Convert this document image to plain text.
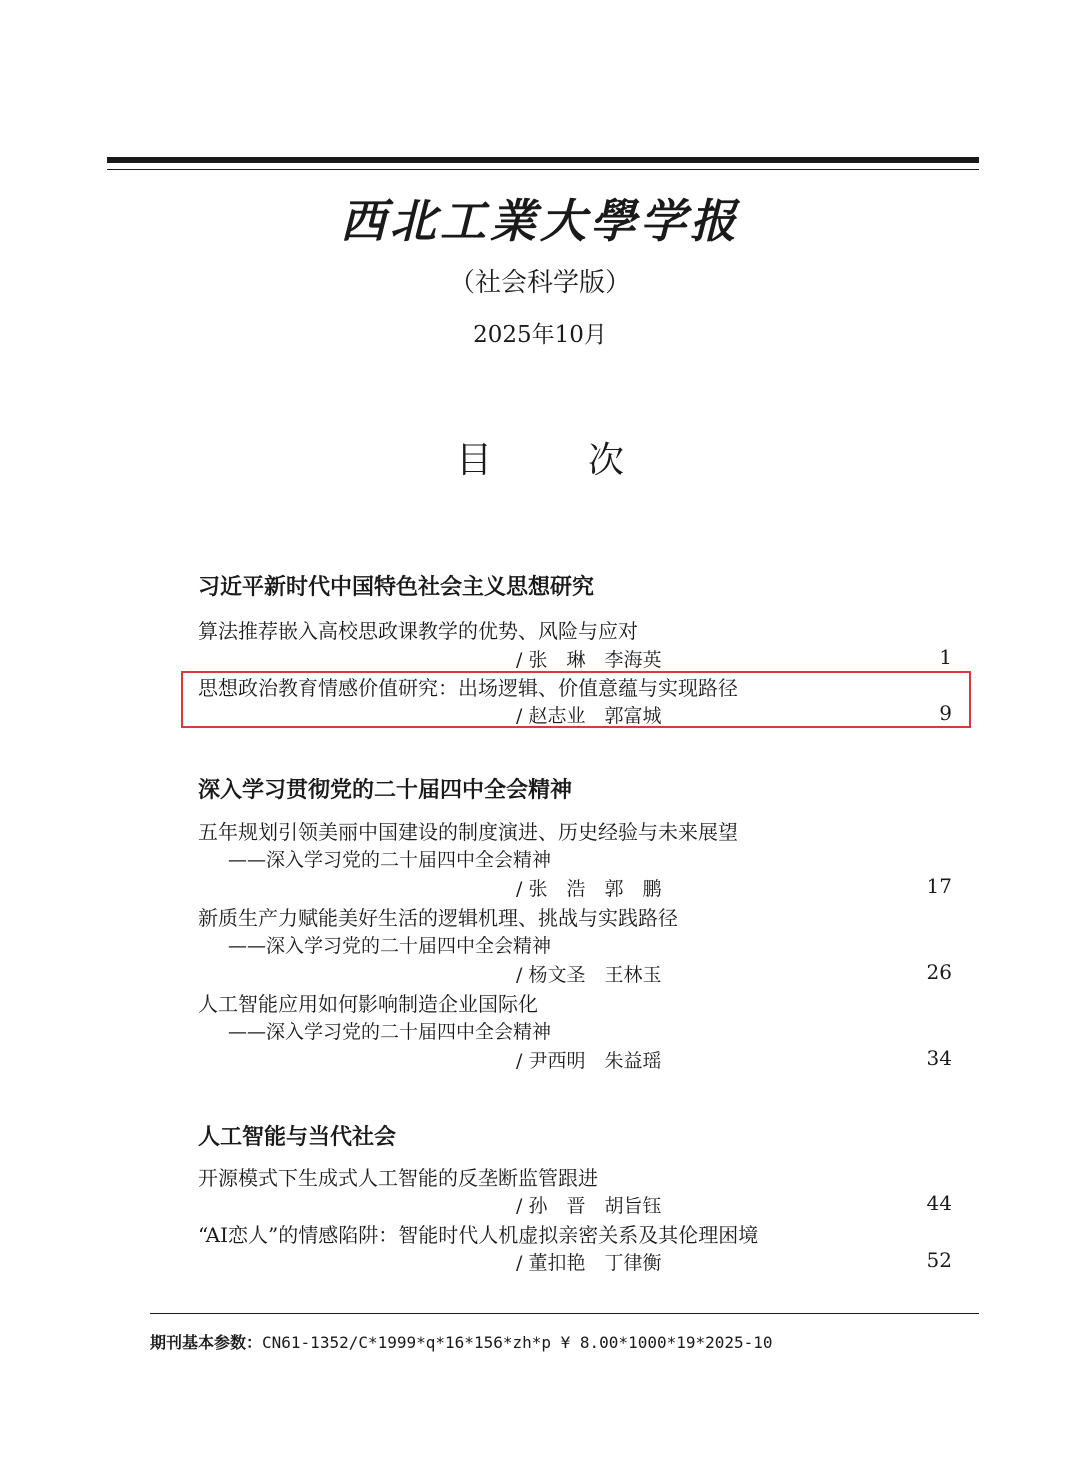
西北工業大學学报
（社会科学版）
2025年10月
目　次
习近平新时代中国特色社会主义思想研究
算法推荐嵌入高校思政课教学的优势、风险与应对
/ 张　琳　李海英	1
思想政治教育情感价值研究：出场逻辑、价值意蕴与实现路径
/ 赵志业　郭富城	9
深入学习贯彻党的二十届四中全会精神
五年规划引领美丽中国建设的制度演进、历史经验与未来展望
——深入学习党的二十届四中全会精神
/ 张　浩　郭　鹏	17
新质生产力赋能美好生活的逻辑机理、挑战与实践路径
——深入学习党的二十届四中全会精神
/ 杨文圣　王林玉	26
人工智能应用如何影响制造企业国际化
——深入学习党的二十届四中全会精神
/ 尹西明　朱益瑶	34
人工智能与当代社会
开源模式下生成式人工智能的反垄断监管跟进
/ 孙　晋　胡旨钰	44
“AI恋人”的情感陷阱：智能时代人机虚拟亲密关系及其伦理困境
/ 董扣艳　丁律衡	52
期刊基本参数：CN61-1352/C*1999*q*16*156*zh*p ¥ 8.00*1000*19*2025-10
